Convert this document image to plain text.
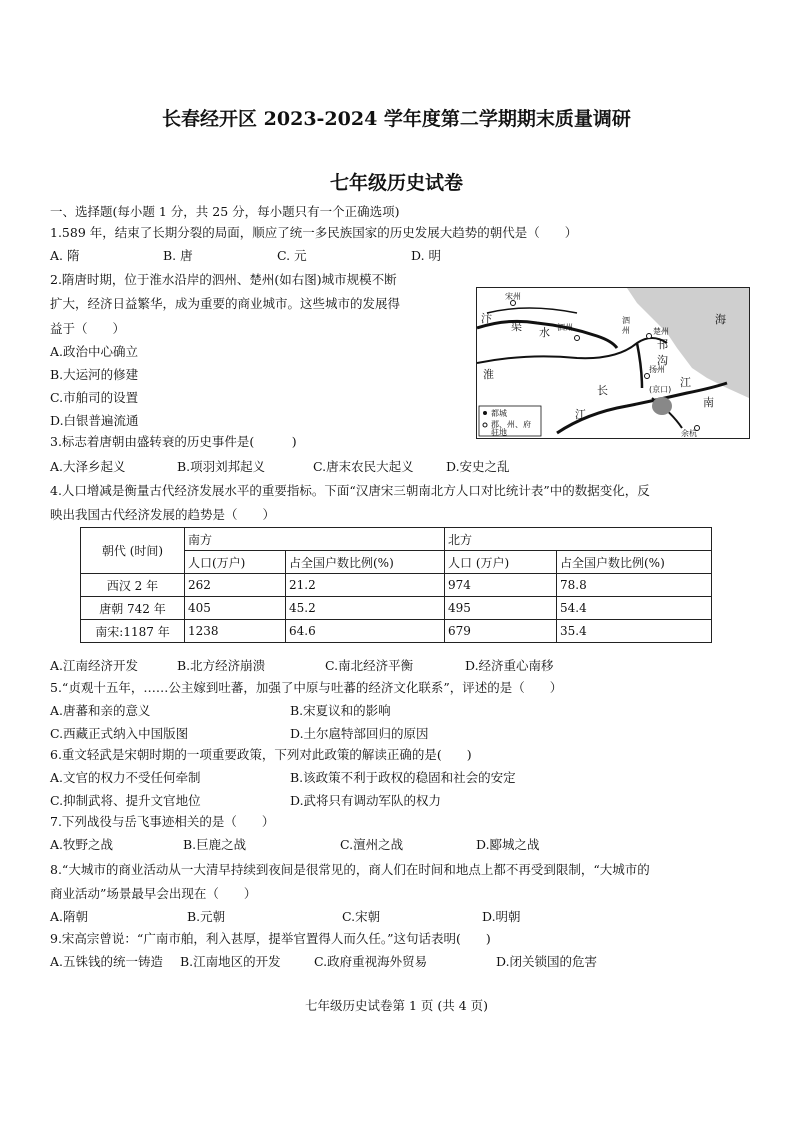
长春经开区 2023-2024 学年度第二学期期末质量调研
七年级历史试卷
一、选择题(每小题 1 分，共 25 分，每小题只有一个正确选项)
1.589 年，结束了长期分裂的局面，顺应了统一多民族国家的历史发展大趋势的朝代是（　　）
A. 隋	B. 唐	C. 元	D. 明
2.隋唐时期，位于淮水沿岸的泗州、楚州(如右图)城市规模不断
扩大，经济日益繁华，成为重要的商业城市。这些城市的发展得
益于（　　）
A.政治中心确立
B.大运河的修建
C.市舶司的设置
D.白银普遍流通
宋州
泗州
泗
州	楚州
扬州
(京口)
余杭
都城
郡、州、府
驻地
海
汴
渠 水
淮
邗
沟
长
江
江
南
3.标志着唐朝由盛转衰的历史事件是(　　　)
A.大泽乡起义	B.项羽刘邦起义	C.唐末农民大起义	D.安史之乱
4.人口增减是衡量古代经济发展水平的重要指标。下面“汉唐宋三朝南北方人口对比统计表”中的数据变化，反
映出我国古代经济发展的趋势是（　　）
朝代 (时间)	南方		北方	
	人口(万户)	占全国户数比例(%)	人口 (万户)	占全国户数比例(%)
西汉 2 年	262	21.2	974	78.8
唐朝 742 年	405	45.2	495	54.4
南宋:1187 年	1238	64.6	679	35.4
A.江南经济开发	B.北方经济崩溃	C.南北经济平衡	D.经济重心南移
5.“贞观十五年，……公主嫁到吐蕃，加强了中原与吐蕃的经济文化联系”，评述的是（　　）
A.唐蕃和亲的意义	B.宋夏议和的影响
C.西藏正式纳入中国版图	D.土尔扈特部回归的原因
6.重文轻武是宋朝时期的一项重要政策，下列对此政策的解读正确的是(　　)
A.文官的权力不受任何牵制	B.该政策不利于政权的稳固和社会的安定
C.抑制武将、提升文官地位	D.武将只有调动军队的权力
7.下列战役与岳飞事迹相关的是（　　）
A.牧野之战	B.巨鹿之战	C.澶州之战	D.郾城之战
8.“大城市的商业活动从一大清早持续到夜间是很常见的，商人们在时间和地点上都不再受到限制，“大城市的
商业活动”场景最早会出现在（　　）
A.隋朝	B.元朝	C.宋朝	D.明朝
9.宋高宗曾说：“广南市舶，利入甚厚，提举官置得人而久任。”这句话表明(　　)
A.五铢钱的统一铸造 B.江南地区的开发	C.政府重视海外贸易	D.闭关锁国的危害
七年级历史试卷第 1 页 (共 4 页)
